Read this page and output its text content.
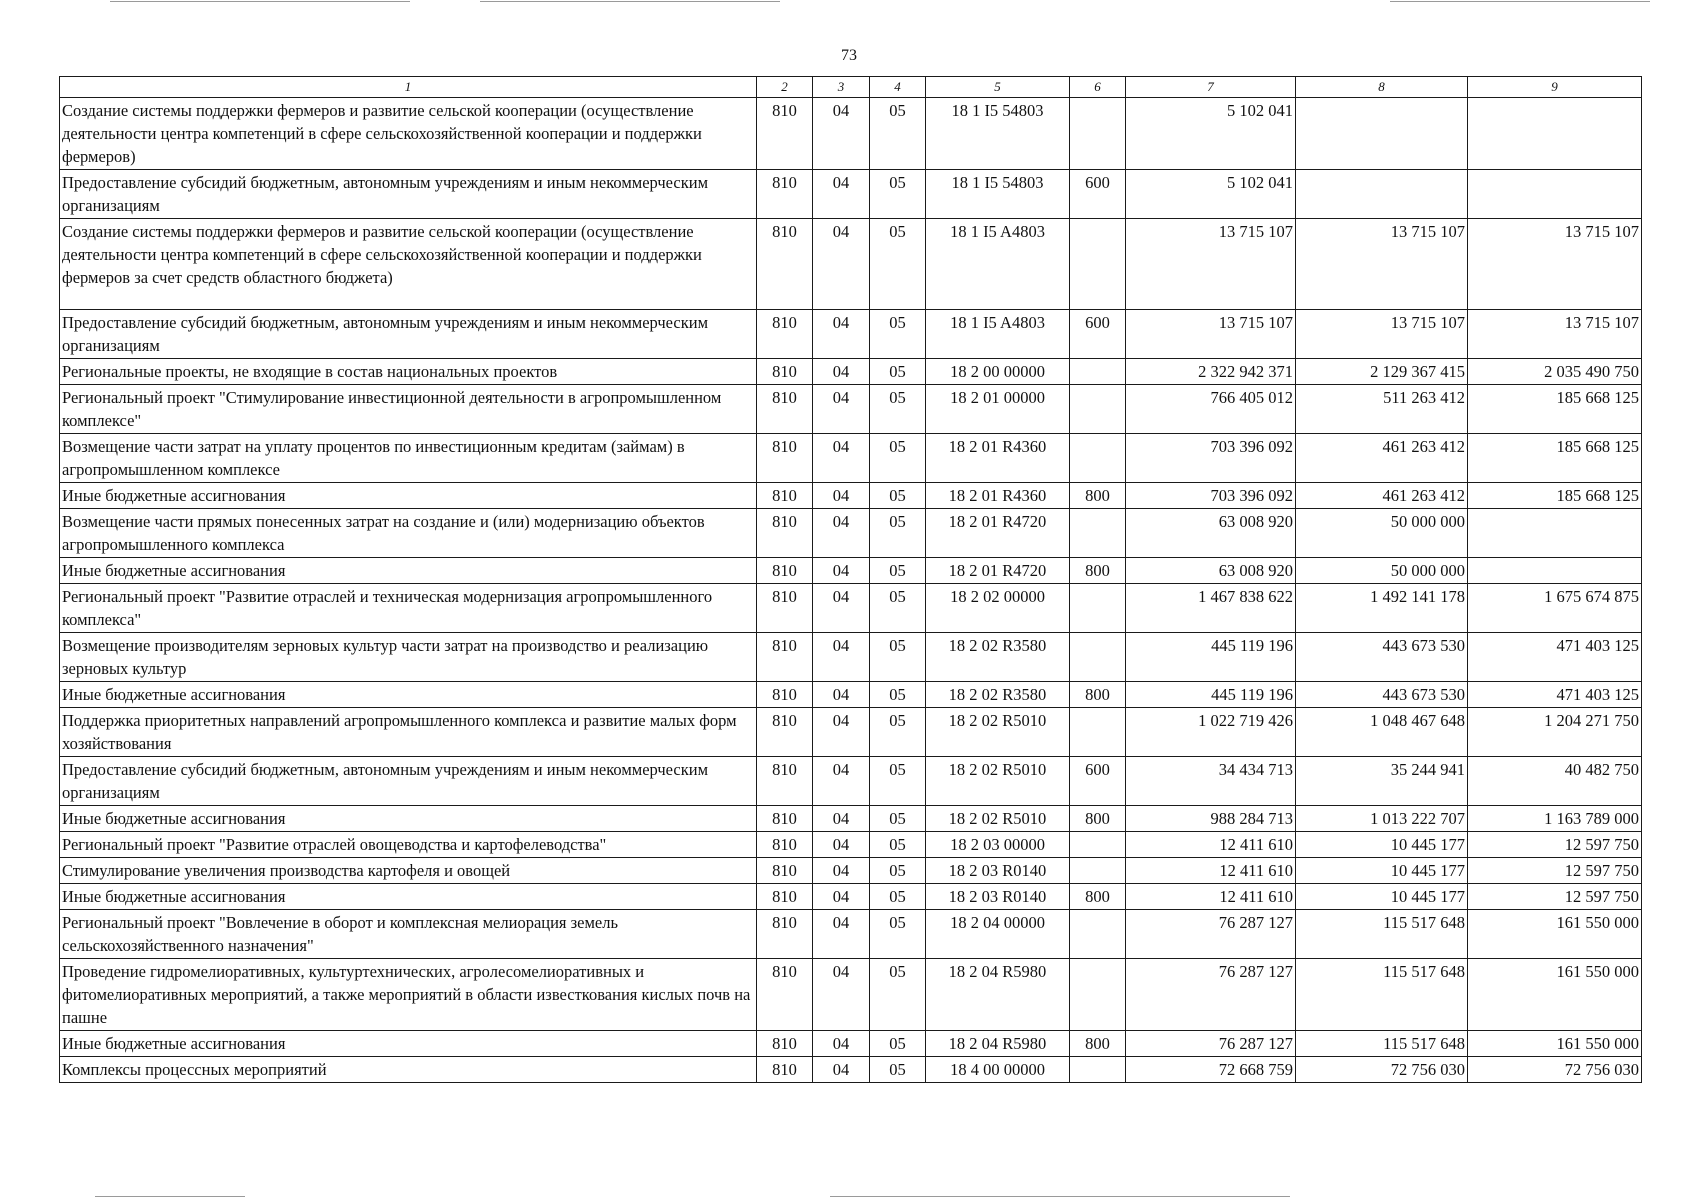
73
1	2	3	4	5	6	7	8	9
Создание системы поддержки фермеров и развитие сельской кооперации (осуществление деятельности центра компетенций в сфере сельскохозяйственной кооперации и поддержки фермеров)	810	04	05	18 1 I5 54803		5 102 041		
Предоставление субсидий бюджетным, автономным учреждениям и иным некоммерческим организациям	810	04	05	18 1 I5 54803	600	5 102 041		
Создание системы поддержки фермеров и развитие сельской кооперации (осуществление деятельности центра компетенций в сфере сельскохозяйственной кооперации и поддержки фермеров за счет средств областного бюджета)	810	04	05	18 1 I5 A4803		13 715 107	13 715 107	13 715 107
Предоставление субсидий бюджетным, автономным учреждениям и иным некоммерческим организациям	810	04	05	18 1 I5 A4803	600	13 715 107	13 715 107	13 715 107
Региональные проекты, не входящие в состав национальных проектов	810	04	05	18 2 00 00000		2 322 942 371	2 129 367 415	2 035 490 750
Региональный проект "Стимулирование инвестиционной деятельности в агропромышленном комплексе"	810	04	05	18 2 01 00000		766 405 012	511 263 412	185 668 125
Возмещение части затрат на уплату процентов по инвестиционным кредитам (займам) в агропромышленном комплексе	810	04	05	18 2 01 R4360		703 396 092	461 263 412	185 668 125
Иные бюджетные ассигнования	810	04	05	18 2 01 R4360	800	703 396 092	461 263 412	185 668 125
Возмещение части прямых понесенных затрат на создание и (или) модернизацию объектов агропромышленного комплекса	810	04	05	18 2 01 R4720		63 008 920	50 000 000	
Иные бюджетные ассигнования	810	04	05	18 2 01 R4720	800	63 008 920	50 000 000	
Региональный проект "Развитие отраслей и техническая модернизация агропромышленного комплекса"	810	04	05	18 2 02 00000		1 467 838 622	1 492 141 178	1 675 674 875
Возмещение производителям зерновых культур части затрат на производство и реализацию зерновых культур	810	04	05	18 2 02 R3580		445 119 196	443 673 530	471 403 125
Иные бюджетные ассигнования	810	04	05	18 2 02 R3580	800	445 119 196	443 673 530	471 403 125
Поддержка приоритетных направлений агропромышленного комплекса и развитие малых форм хозяйствования	810	04	05	18 2 02 R5010		1 022 719 426	1 048 467 648	1 204 271 750
Предоставление субсидий бюджетным, автономным учреждениям и иным некоммерческим организациям	810	04	05	18 2 02 R5010	600	34 434 713	35 244 941	40 482 750
Иные бюджетные ассигнования	810	04	05	18 2 02 R5010	800	988 284 713	1 013 222 707	1 163 789 000
Региональный проект "Развитие отраслей овощеводства и картофелеводства"	810	04	05	18 2 03 00000		12 411 610	10 445 177	12 597 750
Стимулирование увеличения производства картофеля и овощей	810	04	05	18 2 03 R0140		12 411 610	10 445 177	12 597 750
Иные бюджетные ассигнования	810	04	05	18 2 03 R0140	800	12 411 610	10 445 177	12 597 750
Региональный проект "Вовлечение в оборот и комплексная мелиорация земель сельскохозяйственного назначения"	810	04	05	18 2 04 00000		76 287 127	115 517 648	161 550 000
Проведение гидромелиоративных, культуртехнических, агролесомелиоративных и фитомелиоративных мероприятий, а также мероприятий в области известкования кислых почв на пашне	810	04	05	18 2 04 R5980		76 287 127	115 517 648	161 550 000
Иные бюджетные ассигнования	810	04	05	18 2 04 R5980	800	76 287 127	115 517 648	161 550 000
Комплексы процессных мероприятий	810	04	05	18 4 00 00000		72 668 759	72 756 030	72 756 030
